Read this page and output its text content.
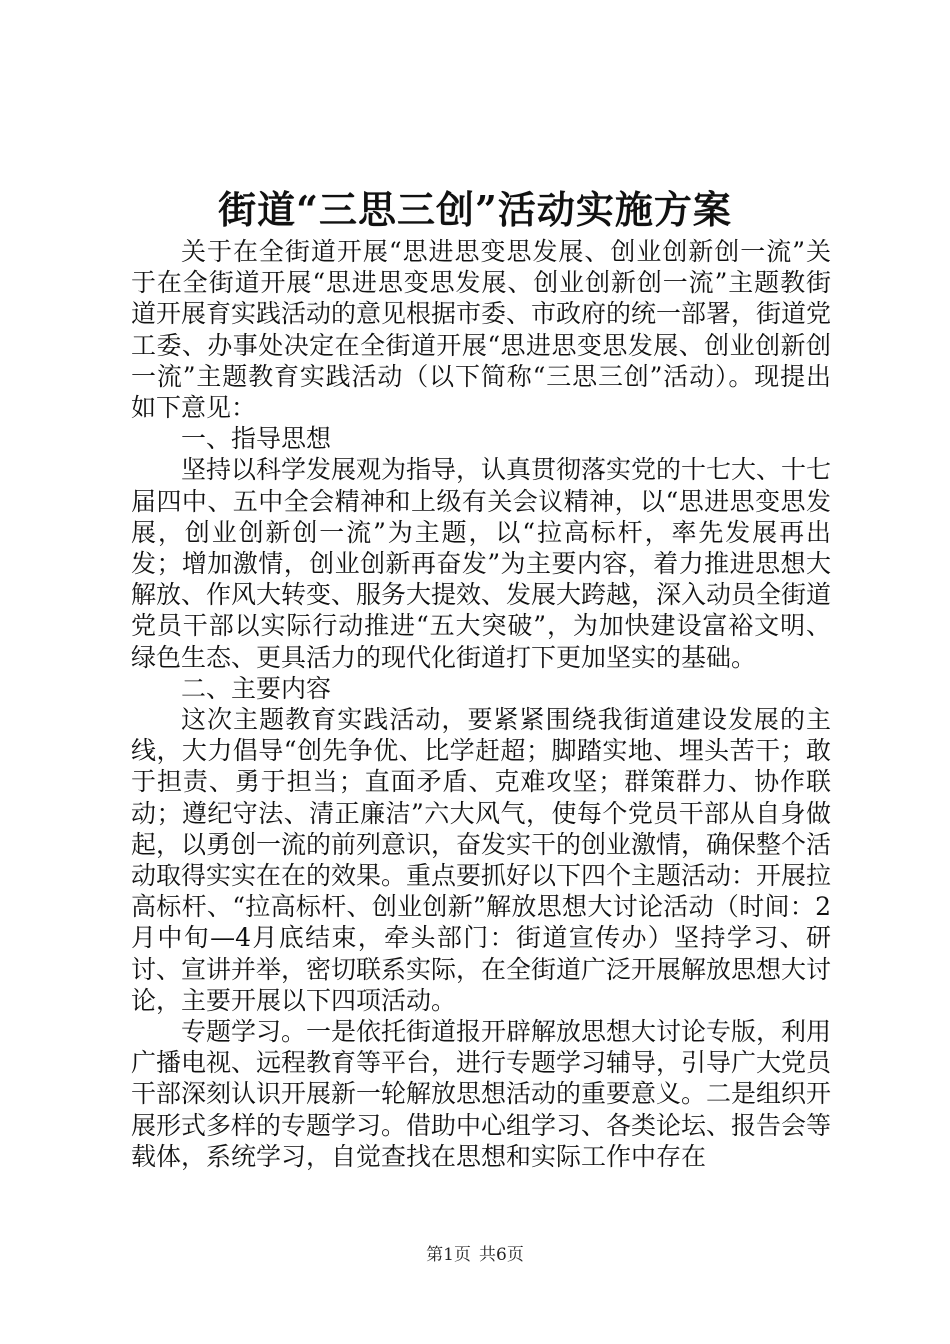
街道“三思三创”活动实施方案

关于在全街道开展“思进思变思发展、创业创新创一流”关于在全街道开展“思进思变思发展、创业创新创一流”主题教街道开展育实践活动的意见根据市委、市政府的统一部署，街道党工委、办事处决定在全街道开展“思进思变思发展、创业创新创一流”主题教育实践活动（以下简称“三思三创”活动）。现提出如下意见：

一、指导思想

坚持以科学发展观为指导，认真贯彻落实党的十七大、十七届四中、五中全会精神和上级有关会议精神，以“思进思变思发展，创业创新创一流”为主题，以“拉高标杆，率先发展再出发；增加激情，创业创新再奋发”为主要内容，着力推进思想大解放、作风大转变、服务大提效、发展大跨越，深入动员全街道党员干部以实际行动推进“五大突破”，为加快建设富裕文明、绿色生态、更具活力的现代化街道打下更加坚实的基础。

二、主要内容

这次主题教育实践活动，要紧紧围绕我街道建设发展的主线，大力倡导“创先争优、比学赶超；脚踏实地、埋头苦干；敢于担责、勇于担当；直面矛盾、克难攻坚；群策群力、协作联动；遵纪守法、清正廉洁”六大风气，使每个党员干部从自身做起，以勇创一流的前列意识，奋发实干的创业激情，确保整个活动取得实实在在的效果。重点要抓好以下四个主题活动：开展拉高标杆、“拉高标杆、创业创新”解放思想大讨论活动（时间：2月中旬—4月底结束，牵头部门：街道宣传办）坚持学习、研讨、宣讲并举，密切联系实际，在全街道广泛开展解放思想大讨论，主要开展以下四项活动。

专题学习。一是依托街道报开辟解放思想大讨论专版，利用广播电视、远程教育等平台，进行专题学习辅导，引导广大党员干部深刻认识开展新一轮解放思想活动的重要意义。二是组织开展形式多样的专题学习。借助中心组学习、各类论坛、报告会等载体，系统学习，自觉查找在思想和实际工作中存在

第1页 共6页
